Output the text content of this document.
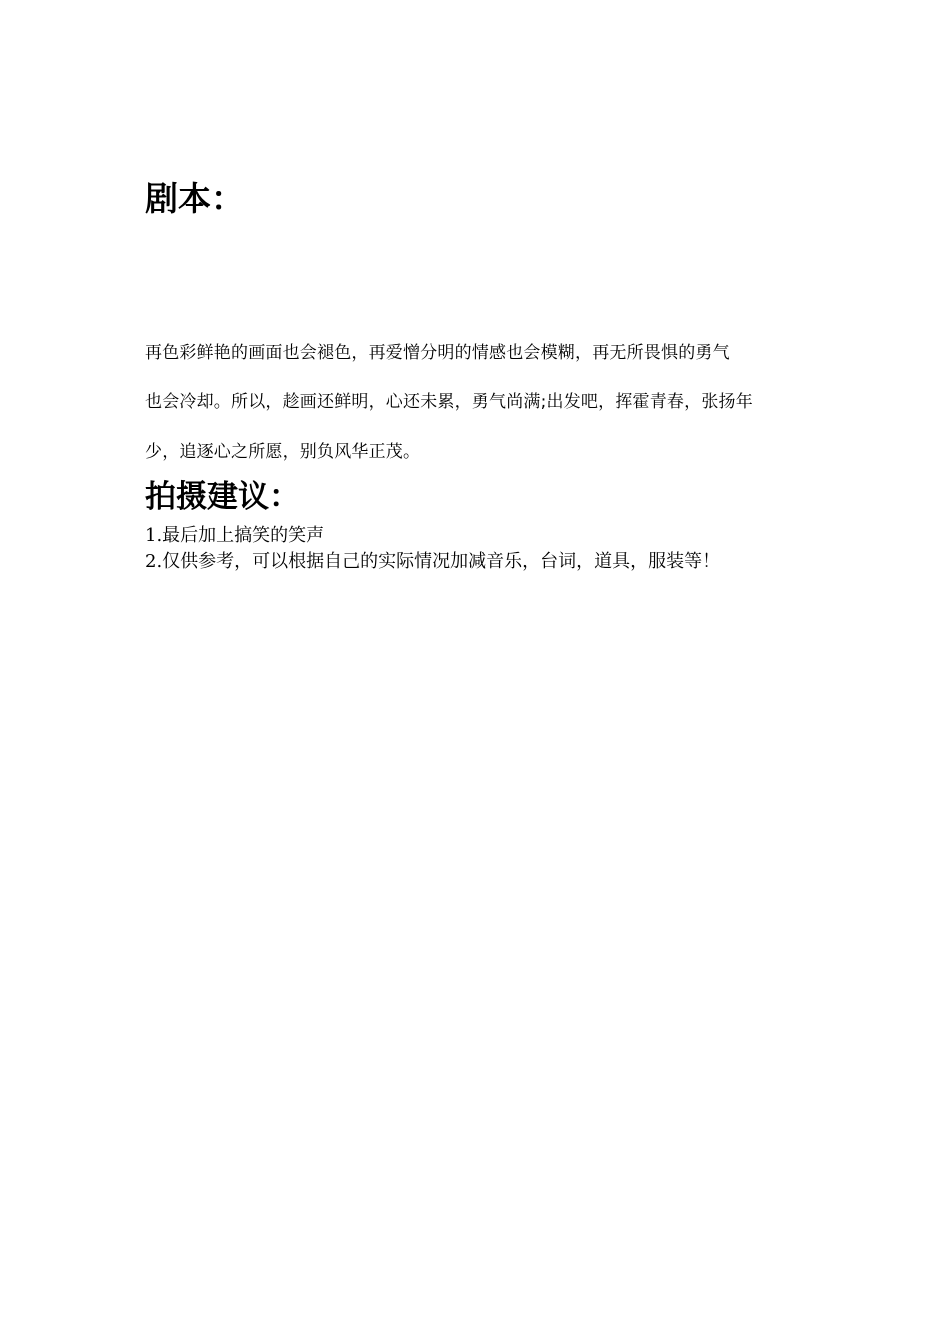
剧本：

再色彩鲜艳的画面也会褪色，再爱憎分明的情感也会模糊，再无所畏惧的勇气

也会冷却。所以，趁画还鲜明，心还未累，勇气尚满;出发吧，挥霍青春，张扬年

少，追逐心之所愿，别负风华正茂。

拍摄建议：

1.最后加上搞笑的笑声

2.仅供参考，可以根据自己的实际情况加减音乐，台词，道具，服装等！
